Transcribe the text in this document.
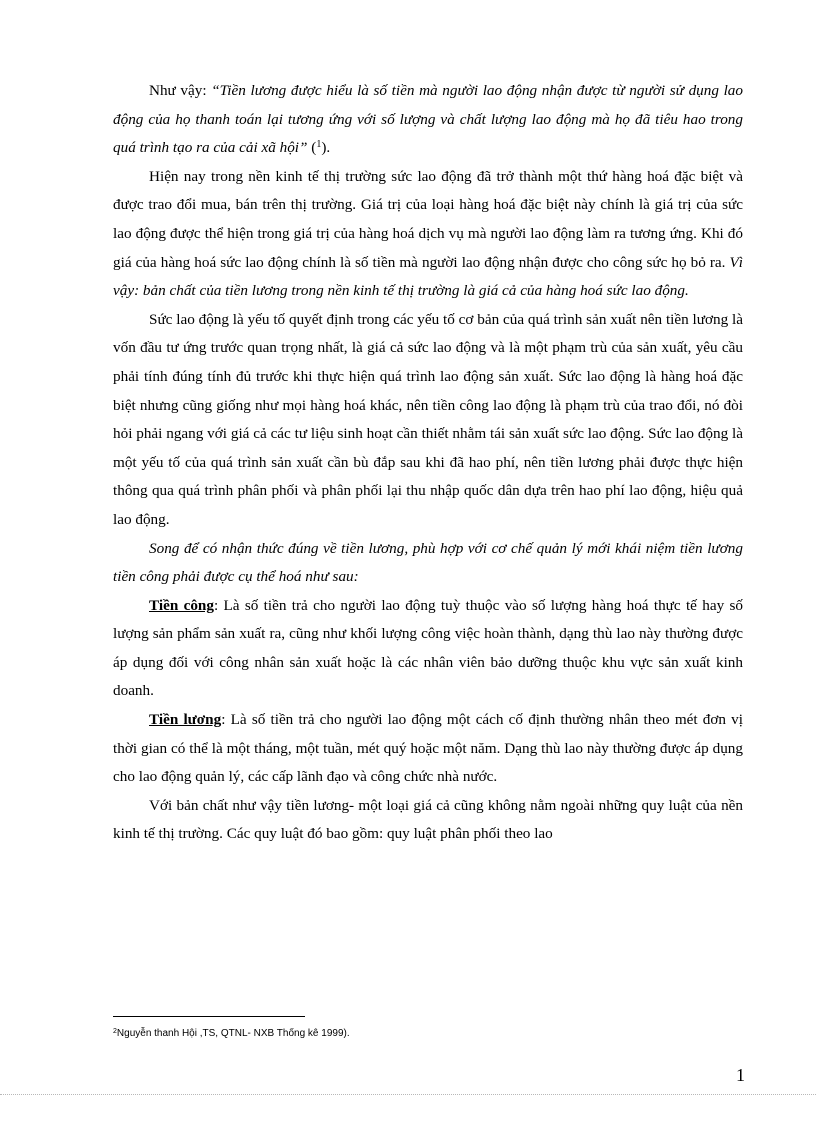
Như vậy: “Tiền lương được hiểu là số tiền mà người lao động nhận được từ người sử dụng lao động của họ thanh toán lại tương ứng với số lượng và chất lượng lao động mà họ đã tiêu hao trong quá trình tạo ra của cải xã hội” ($^1$).

Hiện nay trong nền kinh tế thị trường sức lao động đã trở thành một thứ hàng hoá đặc biệt và được trao đổi mua, bán trên thị trường. Giá trị của loại hàng hoá đặc biệt này chính là giá trị của sức lao động được thể hiện trong giá trị của hàng hoá dịch vụ mà người lao động làm ra tương ứng. Khi đó giá của hàng hoá sức lao động chính là số tiền mà người lao động nhận được cho công sức họ bỏ ra. Vì vậy: bản chất của tiền lương trong nền kinh tế thị trường là giá cả của hàng hoá sức lao động.

Sức lao động là yếu tố quyết định trong các yếu tố cơ bản của quá trình sản xuất nên tiền lương là vốn đầu tư ứng trước quan trọng nhất, là giá cả sức lao động và là một phạm trù của sản xuất, yêu cầu phải tính đúng tính đủ trước khi thực hiện quá trình lao động sản xuất. Sức lao động là hàng hoá đặc biệt nhưng cũng giống như mọi hàng hoá khác, nên tiền công lao động là phạm trù của trao đổi, nó đòi hỏi phải ngang với giá cả các tư liệu sinh hoạt cần thiết nhằm tái sản xuất sức lao động. Sức lao động là một yếu tố của quá trình sản xuất cần bù đắp sau khi đã hao phí, nên tiền lương phải được thực hiện thông qua quá trình phân phối và phân phối lại thu nhập quốc dân dựa trên hao phí lao động, hiệu quả lao động.

Song để có nhận thức đúng về tiền lương, phù hợp với cơ chế quản lý mới khái niệm tiền lương tiền công phải được cụ thể hoá như sau:

Tiền công: Là số tiền trả cho người lao động tuỳ thuộc vào số lượng hàng hoá thực tế hay số lượng sản phẩm sản xuất ra, cũng như khối lượng công việc hoàn thành, dạng thù lao này thường được áp dụng đối với công nhân sản xuất hoặc là các nhân viên bảo dưỡng thuộc khu vực sản xuất kinh doanh.

Tiền lương: Là số tiền trả cho người lao động một cách cố định thường nhân theo mét đơn vị thời gian có thể là một tháng, một tuần, mét quý hoặc một năm. Dạng thù lao này thường được áp dụng cho lao động quản lý, các cấp lãnh đạo và công chức nhà nước.

Với bản chất như vậy tiền lương- một loại giá cả cũng không nằm ngoài những quy luật của nền kinh tế thị trường. Các quy luật đó bao gồm: quy luật phân phối theo lao

$^2$Nguyễn thanh Hội ,TS, QTNL- NXB Thống kê 1999).
1
